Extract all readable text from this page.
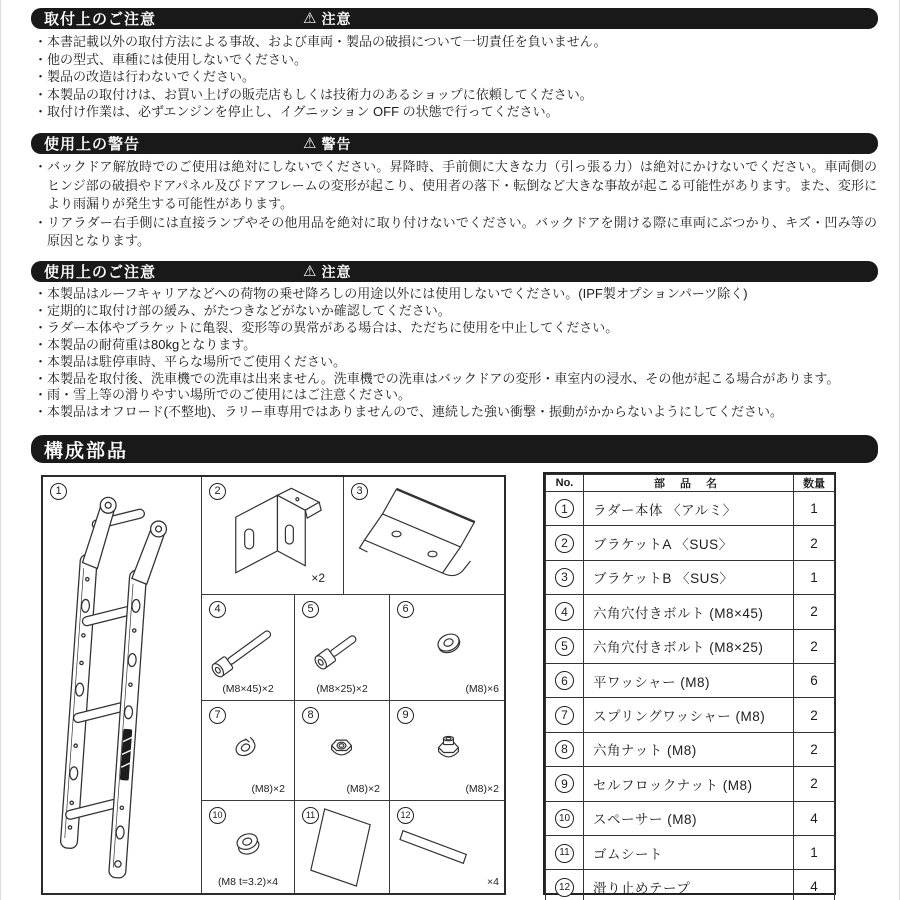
取付上のご注意	⚠ 注意
・本書記載以外の取付方法による事故、および車両・製品の破損について一切責任を負いません。
・他の型式、車種には使用しないでください。
・製品の改造は行わないでください。
・本製品の取付けは、お買い上げの販売店もしくは技術力のあるショップに依頼してください。
・取付け作業は、必ずエンジンを停止し、イグニッション OFF の状態で行ってください。
使用上の警告	⚠ 警告
・バックドア解放時でのご使用は絶対にしないでください。昇降時、手前側に大きな力（引っ張る力）は絶対にかけないでください。車両側のヒンジ部の破損やドアパネル及びドアフレームの変形が起こり、使用者の落下・転倒など大きな事故が起こる可能性があります。また、変形により雨漏りが発生する可能性があります。
・リアラダー右手側には直接ランプやその他用品を絶対に取り付けないでください。バックドアを開ける際に車両にぶつかり、キズ・凹み等の原因となります。
使用上のご注意	⚠ 注意
・本製品はルーフキャリアなどへの荷物の乗せ降ろしの用途以外には使用しないでください。(IPF製オプションパーツ除く)
・定期的に取付け部の緩み、がたつきなどがないか確認してください。
・ラダー本体やブラケットに亀裂、変形等の異常がある場合は、ただちに使用を中止してください。
・本製品の耐荷重は80kgとなります。
・本製品は駐停車時、平らな場所でご使用ください。
・本製品を取付後、洗車機での洗車は出来ません。洗車機での洗車はバックドアの変形・車室内の浸水、その他が起こる場合があります。
・雨・雪上等の滑りやすい場所でのご使用にはご注意ください。
・本製品はオフロード(不整地)、ラリー車専用ではありませんので、連続した強い衝撃・振動がかからないようにしてください。
構成部品
1	2
×2
3
4
(M8×45)×2
5
(M8×25)×2
6
(M8)×6
7
(M8)×2
8
(M8)×2
9
(M8)×2
10
(M8 t=3.2)×4
11	12
×4
No.	部 品 名	数量
1	ラダー本体 〈アルミ〉	1
2	ブラケットA 〈SUS〉	2
3	ブラケットB 〈SUS〉	1
4	六角穴付きボルト (M8×45)	2
5	六角穴付きボルト (M8×25)	2
6	平ワッシャー (M8)	6
7	スプリングワッシャー (M8)	2
8	六角ナット (M8)	2
9	セルフロックナット (M8)	2
10	スペーサー (M8)	4
11	ゴムシート	1
12	滑り止めテープ	4
